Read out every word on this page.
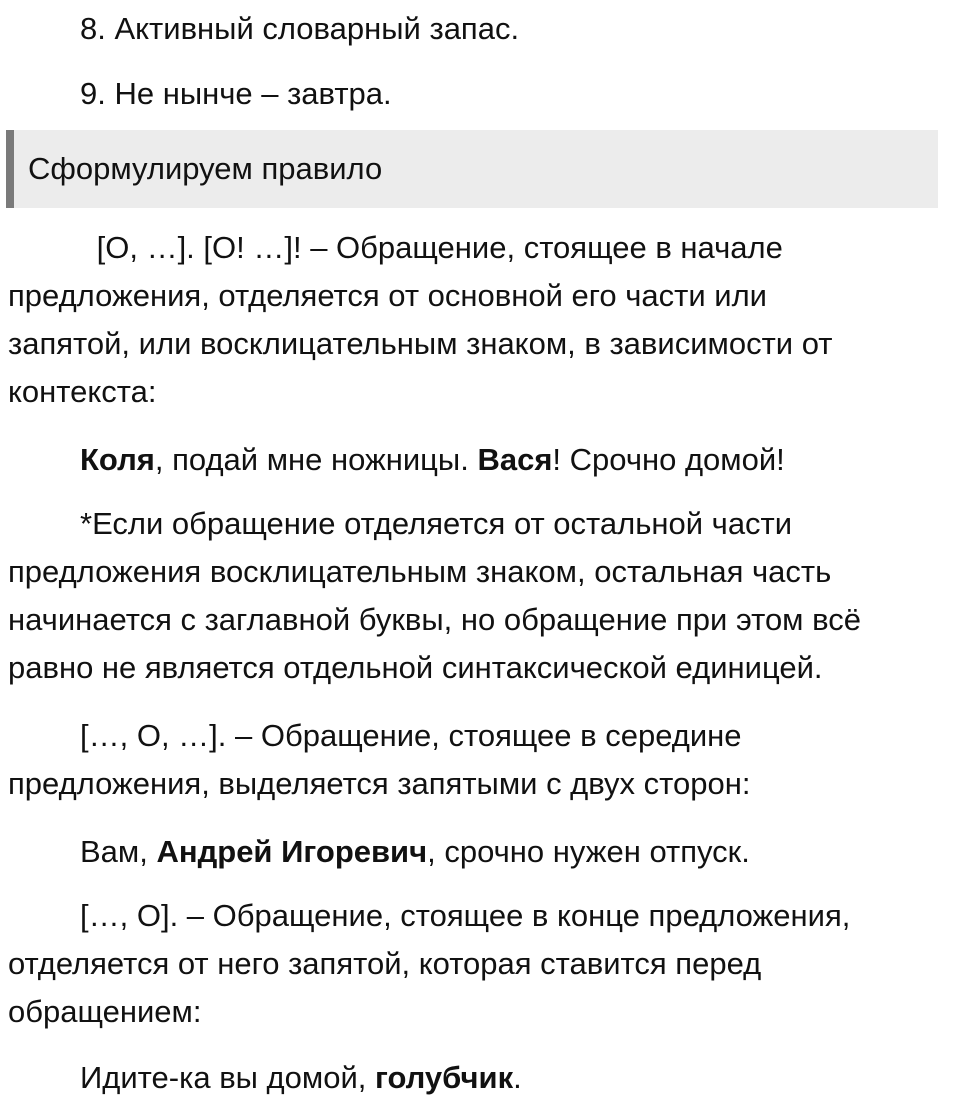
8. Активный словарный запас.

9. Не нынче – завтра.

Сформулируем правило
[О, …]. [О! …]! – Обращение, стоящее в начале
предложения, отделяется от основной его части или
запятой, или восклицательным знаком, в зависимости от
контекста:

Коля, подай мне ножницы. Вася! Срочно домой!

*Если обращение отделяется от остальной части
предложения восклицательным знаком, остальная часть
начинается с заглавной буквы, но обращение при этом всё
равно не является отдельной синтаксической единицей.
[…, О, …]. – Обращение, стоящее в середине
предложения, выделяется запятыми с двух сторон:

Вам, Андрей Игоревич, срочно нужен отпуск.

[…, О]. – Обращение, стоящее в конце предложения,
отделяется от него запятой, которая ставится перед
обращением:

Идите-ка вы домой, голубчик.
